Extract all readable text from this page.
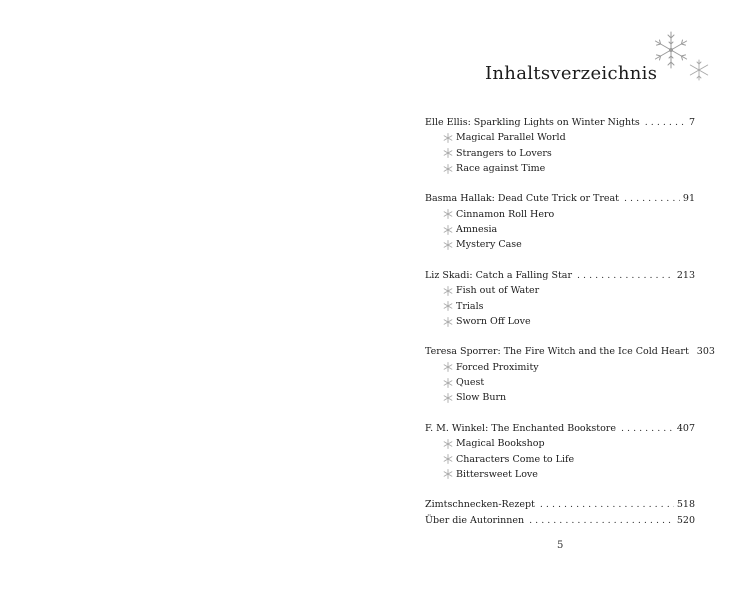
Inhaltsverzeichnis
Elle Ellis: Sparkling Lights on Winter Nights . . .	7
Magical Parallel World
Strangers to Lovers
Race against Time
Basma Hallak: Dead Cute Trick or Treat . . .	91
Cinnamon Roll Hero
Amnesia
Mystery Case
Liz Skadi: Catch a Falling Star . . .	213
Fish out of Water
Trials
Sworn Off Love
Teresa Sporrer: The Fire Witch and the Ice Cold Heart 303
Forced Proximity
Quest
Slow Burn
F. M. Winkel: The Enchanted Bookstore . . .	407
Magical Bookshop
Characters Come to Life
Bittersweet Love
Zimtschnecken-Rezept . . .	518
Über die Autorinnen . . .	520
5
